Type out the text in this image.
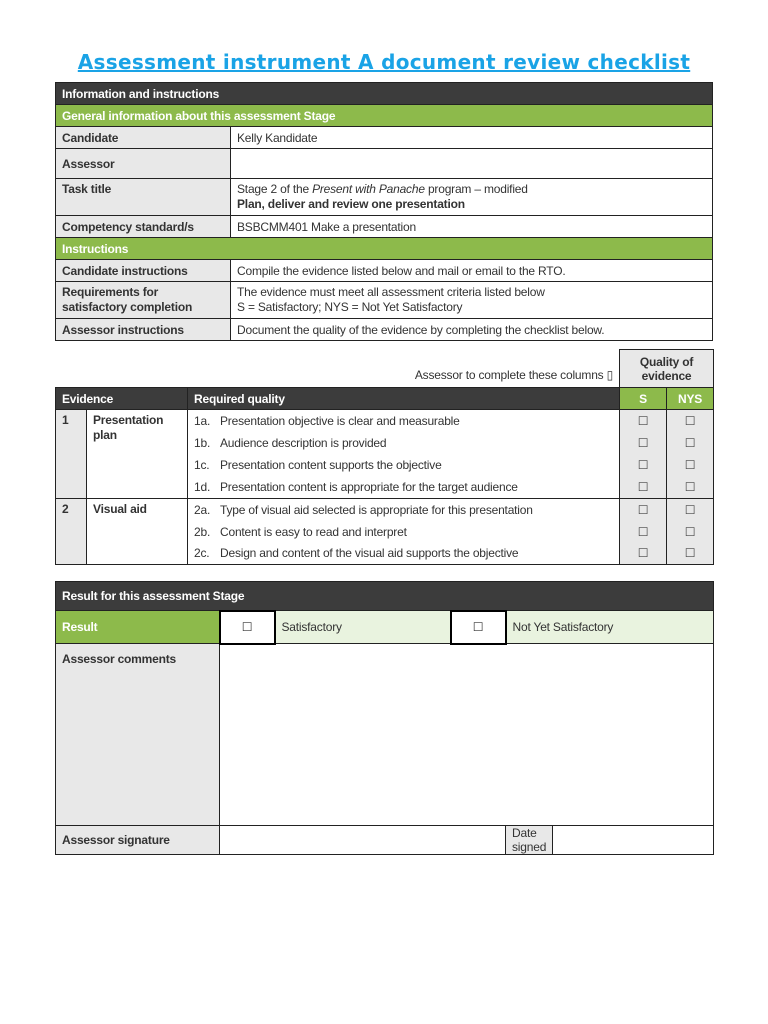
Assessment instrument A document review checklist
Information and instructions	
General information about this assessment Stage	
Candidate	Kelly Kandidate
Assessor	
Task title	Stage 2 of the Present with Panache program – modified
Plan, deliver and review one presentation
Competency standard/s	BSBCMM401 Make a presentation
Instructions	
Candidate instructions	Compile the evidence listed below and mail or email to the RTO.
Requirements for satisfactory completion	The evidence must meet all assessment criteria listed below
S = Satisfactory; NYS = Not Yet Satisfactory
Assessor instructions	Document the quality of the evidence by completing the checklist below.
Assessor to complete these columns ▯			Quality of evidence	
Evidence		Required quality	S	NYS
1	Presentation plan	1a. Presentation objective is clear and measurable	☐	☐
		1b. Audience description is provided	☐	☐
		1c. Presentation content supports the objective	☐	☐
		1d. Presentation content is appropriate for the target audience	☐	☐
2	Visual aid	2a. Type of visual aid selected is appropriate for this presentation	☐	☐
		2b. Content is easy to read and interpret	☐	☐
		2c. Design and content of the visual aid supports the objective	☐	☐
Result for this assessment Stage					
Result	☐	Satisfactory	☐	Not Yet Satisfactory	
Assessor comments					
Assessor signature				Date signed	
